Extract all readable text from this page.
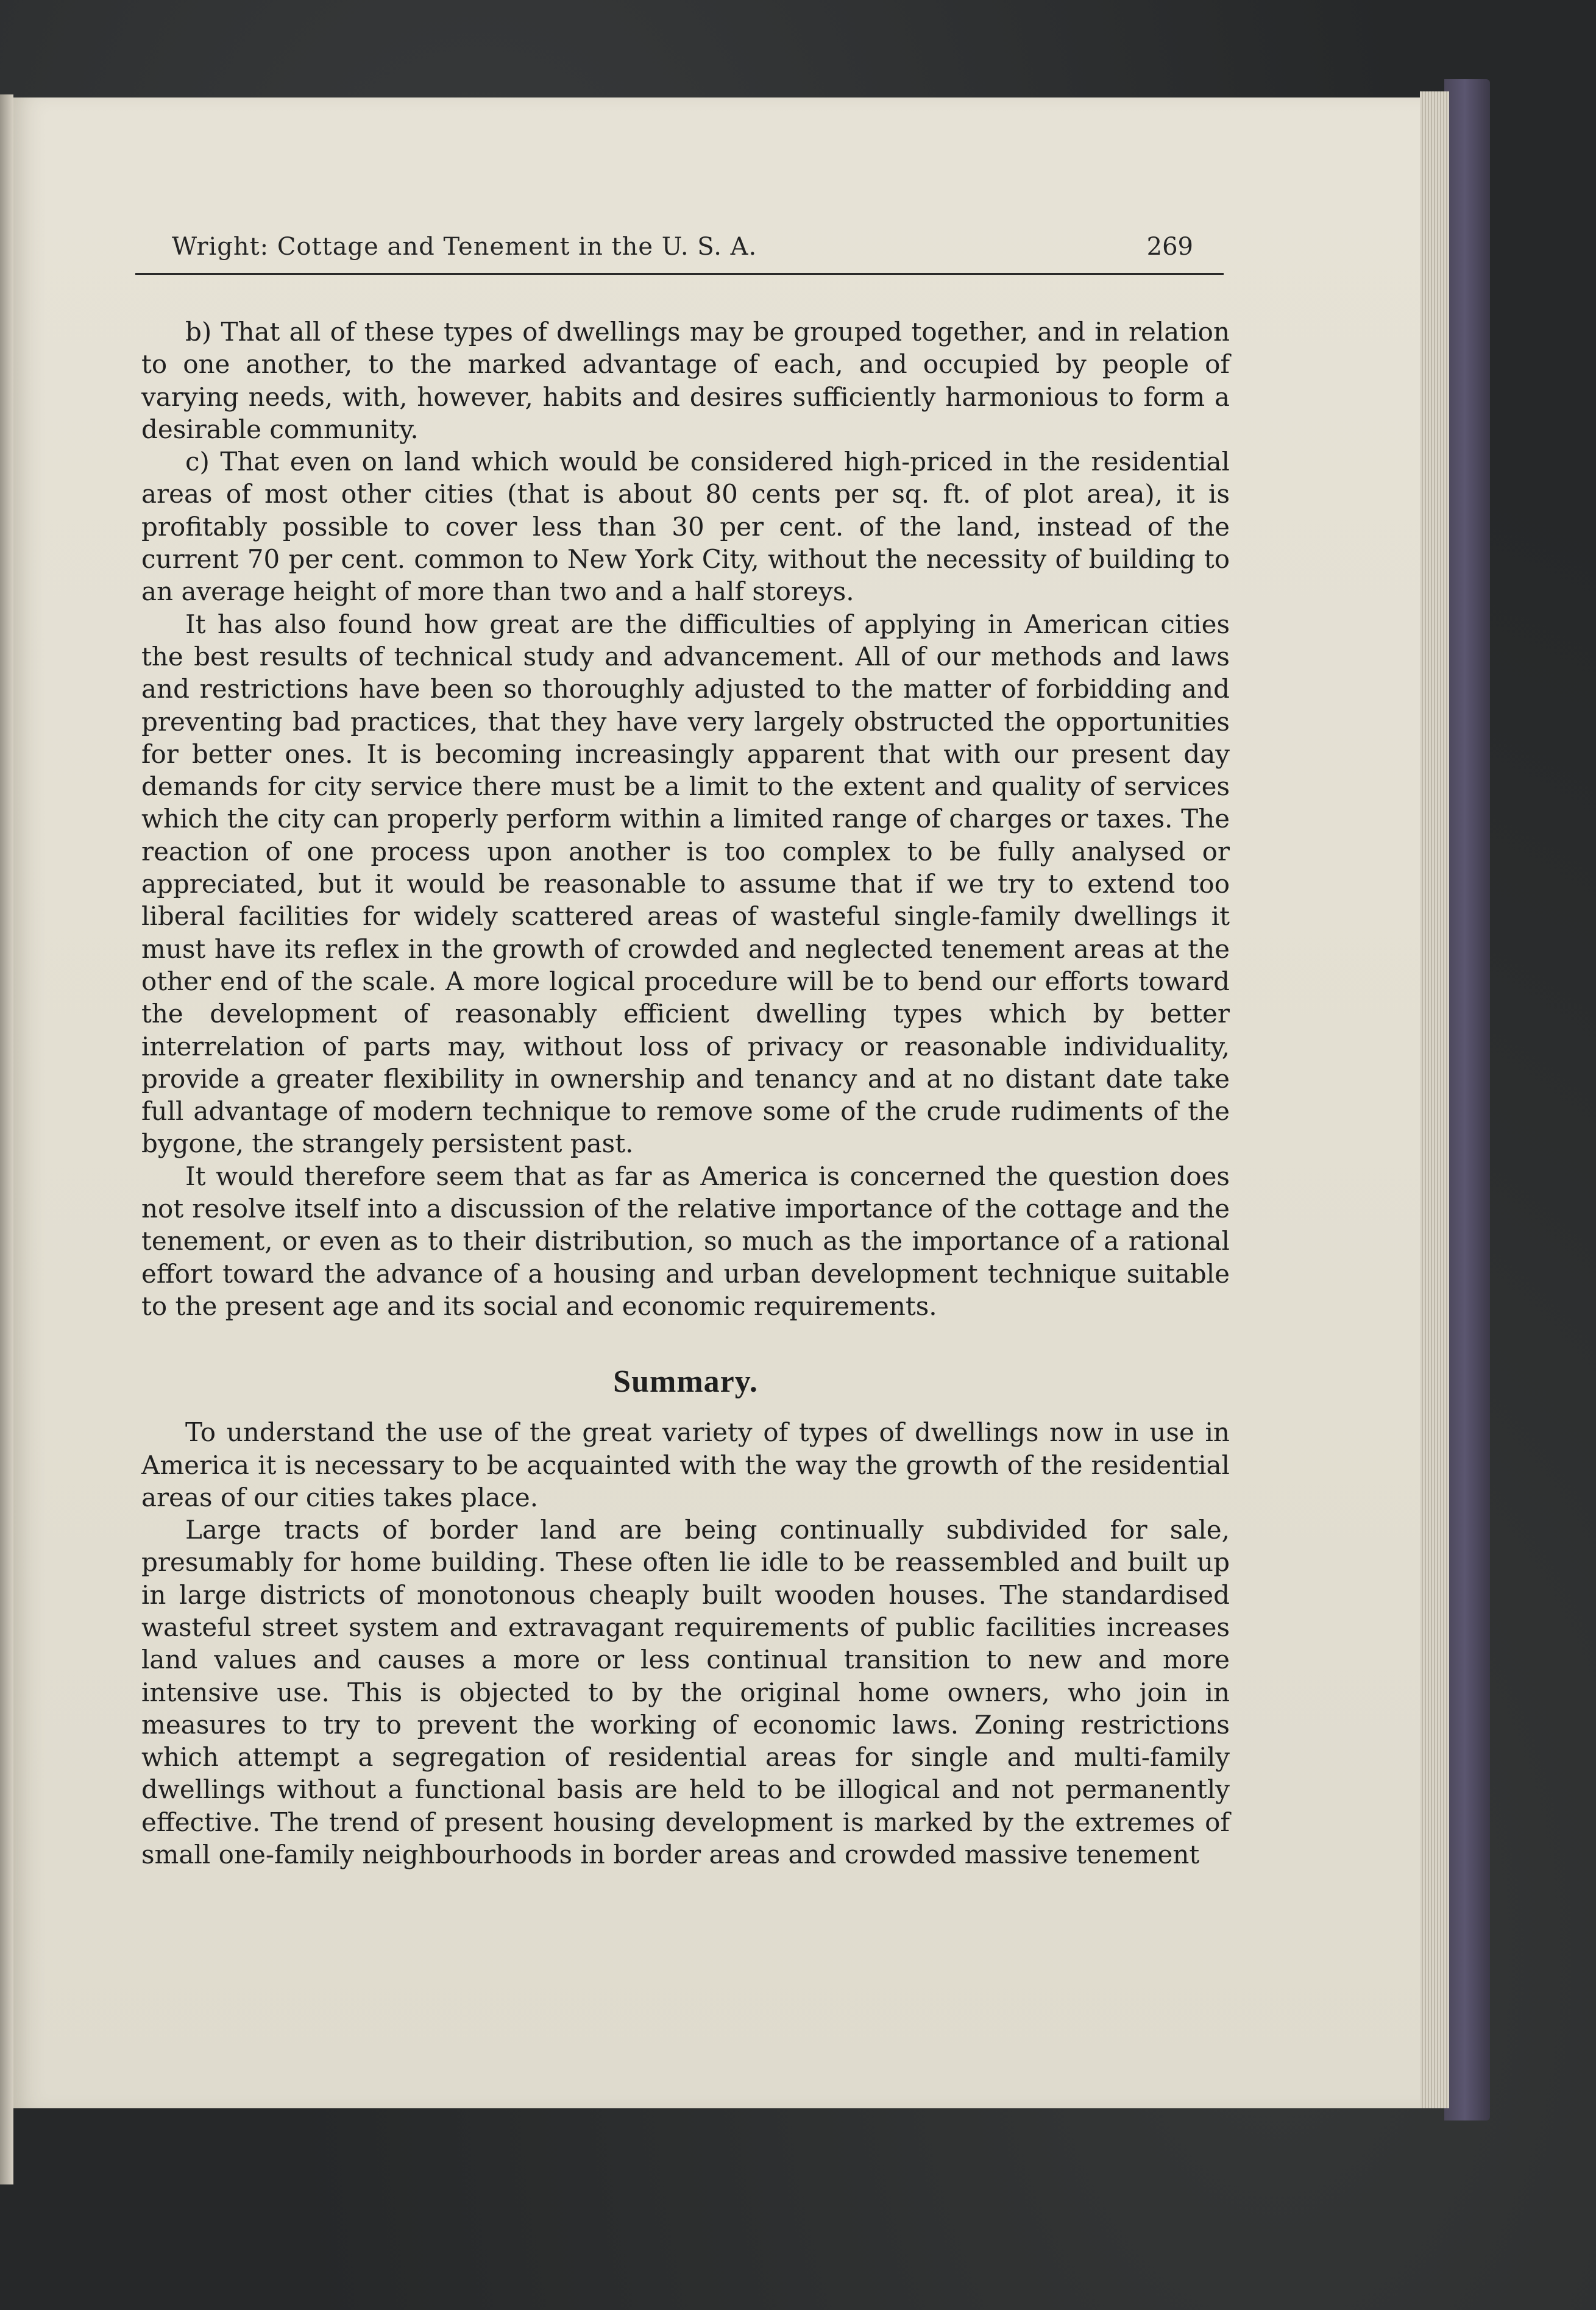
Wright: Cottage and Tenement in the U. S. A.	269

b) That all of these types of dwellings may be grouped together, and in relation to one another, to the marked advantage of each, and occupied by people of varying needs, with, however, habits and desires sufficiently harmonious to form a desirable community.

c) That even on land which would be considered high-priced in the residential areas of most other cities (that is about 80 cents per sq. ft. of plot area), it is profitably possible to cover less than 30 per cent. of the land, instead of the current 70 per cent. common to New York City, without the necessity of building to an average height of more than two and a half storeys.

It has also found how great are the difficulties of applying in American cities the best results of technical study and advancement. All of our methods and laws and restrictions have been so thoroughly adjusted to the matter of forbidding and preventing bad practices, that they have very largely obstructed the opportunities for better ones. It is becoming increasingly apparent that with our present day demands for city service there must be a limit to the extent and quality of services which the city can properly perform within a limited range of charges or taxes. The reaction of one process upon another is too complex to be fully analysed or appreciated, but it would be reasonable to assume that if we try to extend too liberal facilities for widely scattered areas of wasteful single-family dwellings it must have its reflex in the growth of crowded and neglected tenement areas at the other end of the scale. A more logical procedure will be to bend our efforts toward the development of reasonably efficient dwelling types which by better interrelation of parts may, without loss of privacy or reasonable individuality, provide a greater flexibility in ownership and tenancy and at no distant date take full advantage of modern technique to remove some of the crude rudiments of the bygone, the strangely persistent past.

It would therefore seem that as far as America is concerned the question does not resolve itself into a discussion of the relative importance of the cottage and the tenement, or even as to their distribution, so much as the importance of a rational effort toward the advance of a housing and urban development technique suitable to the present age and its social and economic requirements.

Summary.

To understand the use of the great variety of types of dwellings now in use in America it is necessary to be acquainted with the way the growth of the residential areas of our cities takes place.

Large tracts of border land are being continually subdivided for sale, presumably for home building. These often lie idle to be reassembled and built up in large districts of monotonous cheaply built wooden houses. The standardised wasteful street system and extravagant requirements of public facilities increases land values and causes a more or less continual transition to new and more intensive use. This is objected to by the original home owners, who join in measures to try to prevent the working of economic laws. Zoning restrictions which attempt a segregation of residential areas for single and multi-family dwellings without a functional basis are held to be illogical and not permanently effective. The trend of present housing development is marked by the extremes of small one-family neighbourhoods in border areas and crowded massive tenement
